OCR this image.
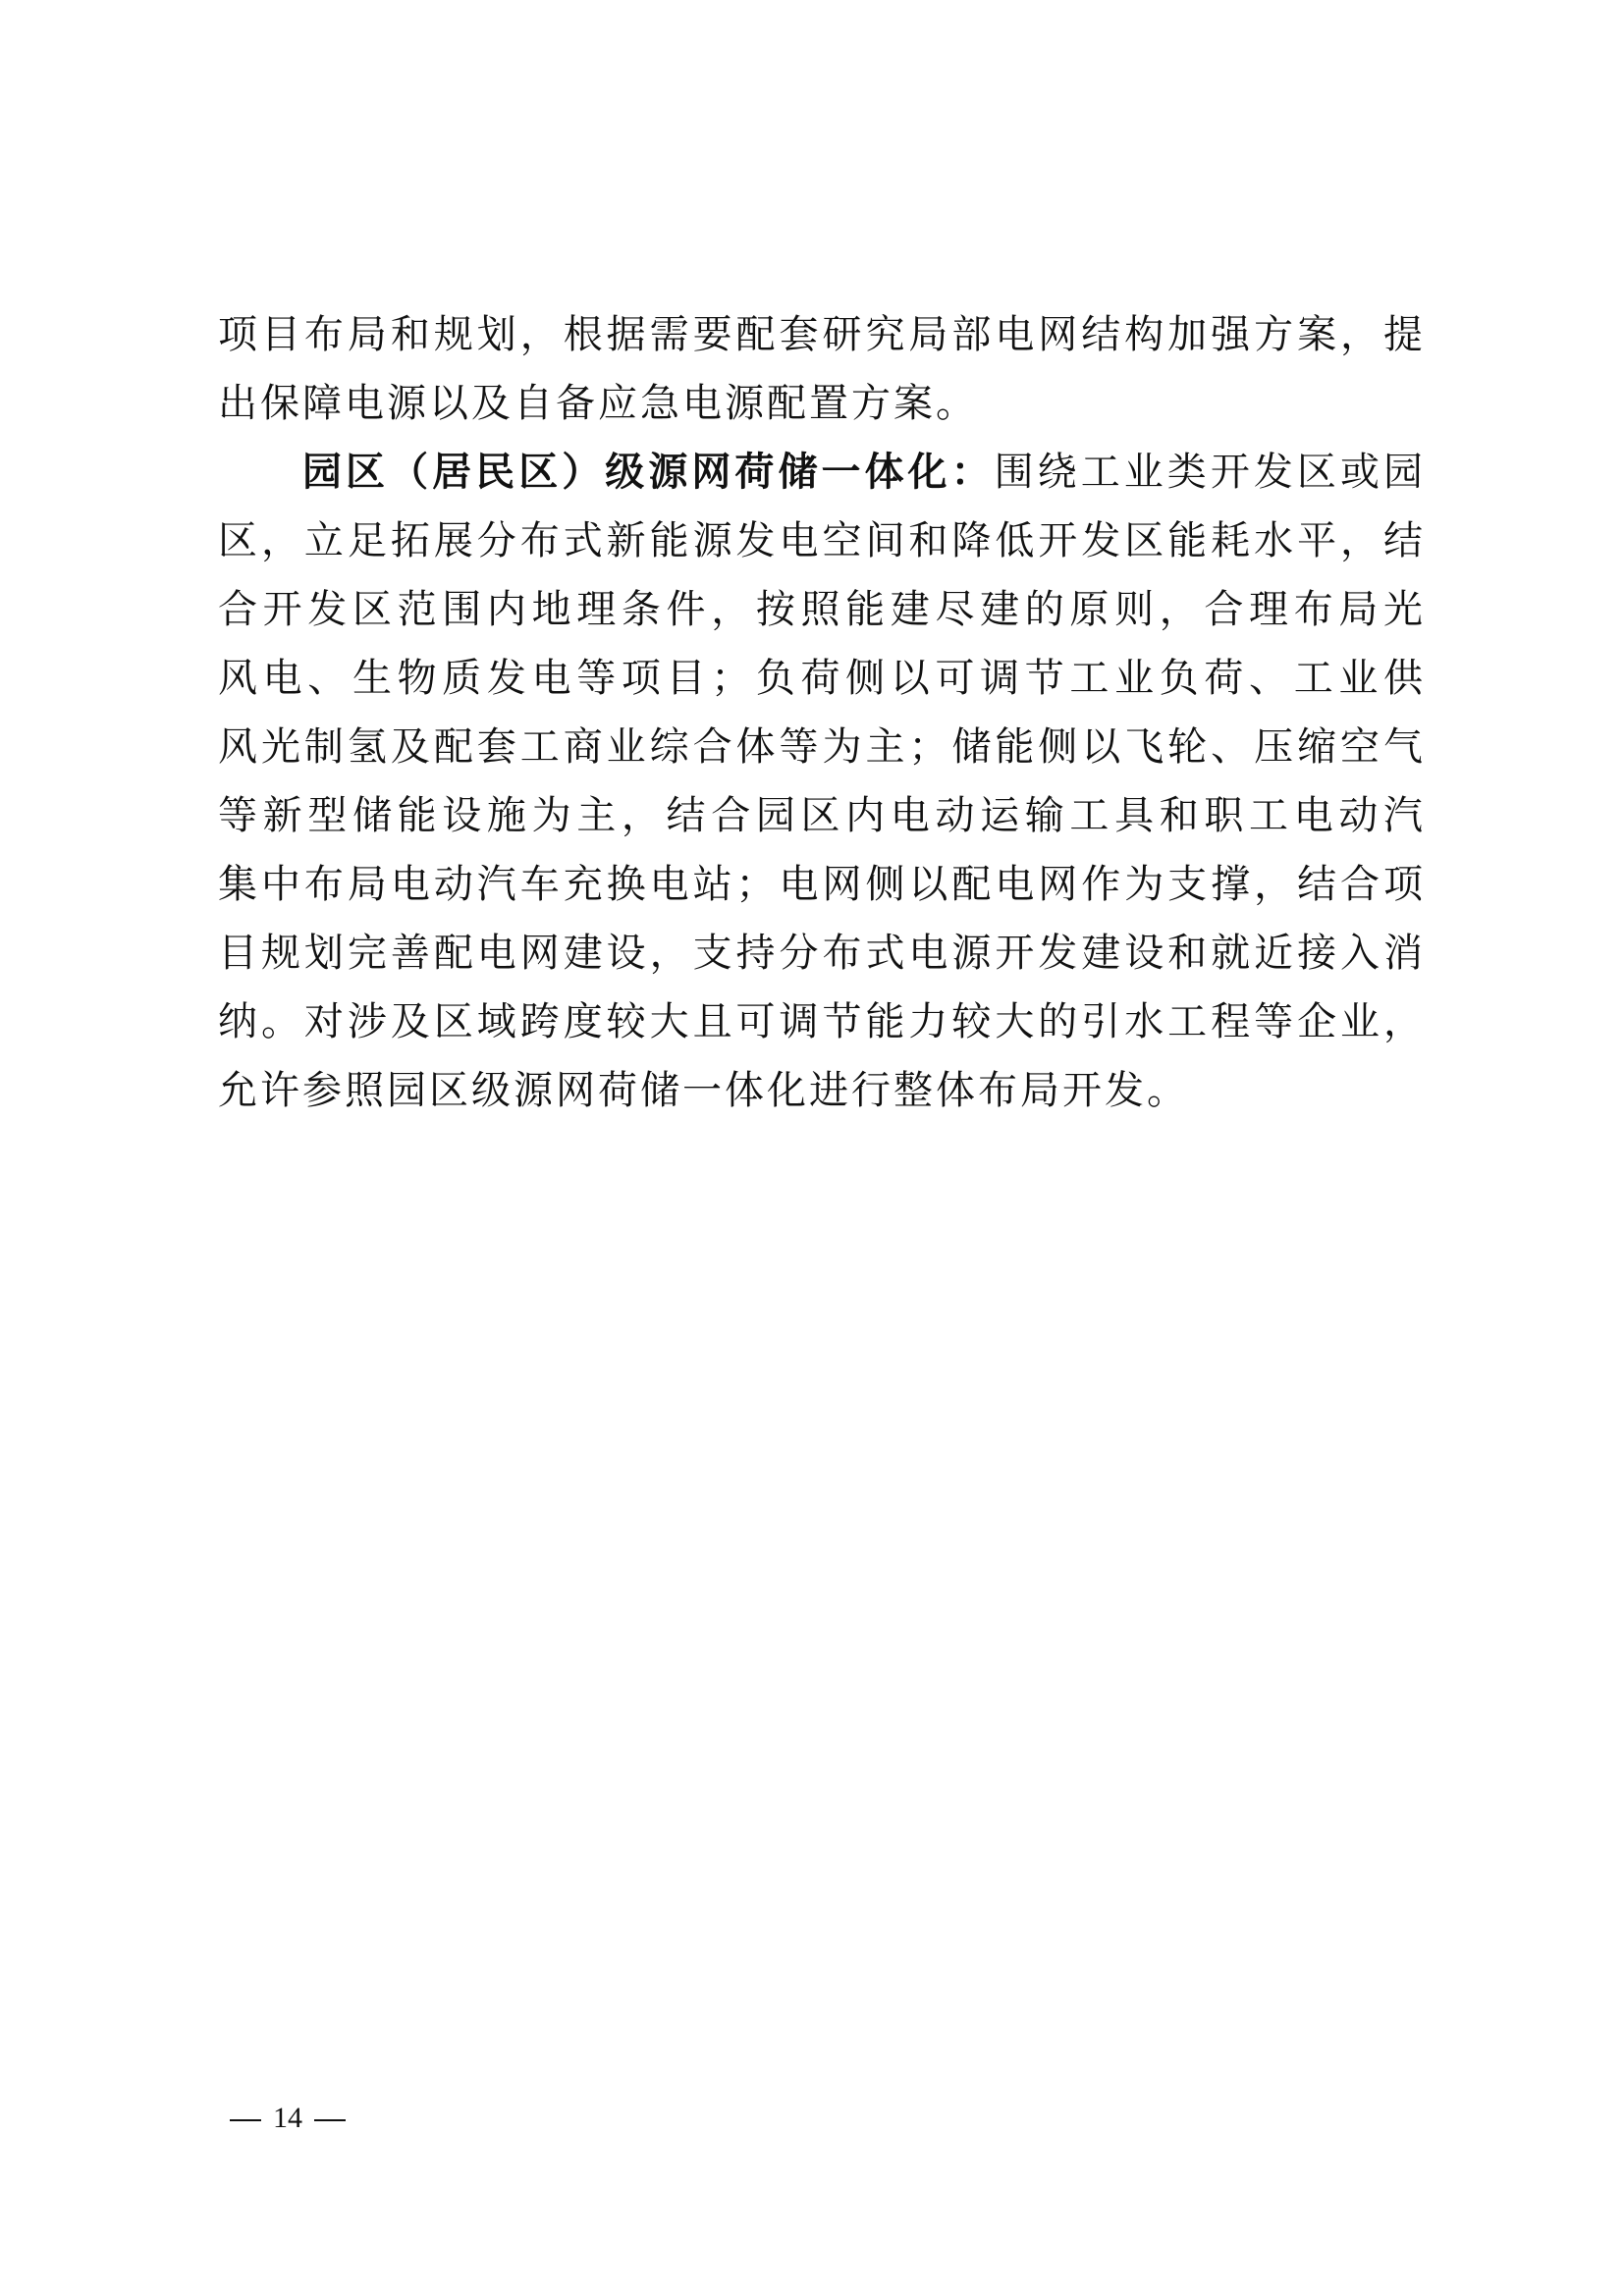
项目布局和规划，根据需要配套研究局部电网结构加强方案，提
出保障电源以及自备应急电源配置方案。
园区（居民区）级源网荷储一体化：围绕工业类开发区或园
区，立足拓展分布式新能源发电空间和降低开发区能耗水平，结
合开发区范围内地理条件，按照能建尽建的原则，合理布局光
风电、生物质发电等项目；负荷侧以可调节工业负荷、工业供
风光制氢及配套工商业综合体等为主；储能侧以飞轮、压缩空气
等新型储能设施为主，结合园区内电动运输工具和职工电动汽
集中布局电动汽车充换电站；电网侧以配电网作为支撑，结合项
目规划完善配电网建设，支持分布式电源开发建设和就近接入消
纳。对涉及区域跨度较大且可调节能力较大的引水工程等企业，
允许参照园区级源网荷储一体化进行整体布局开发。
14
